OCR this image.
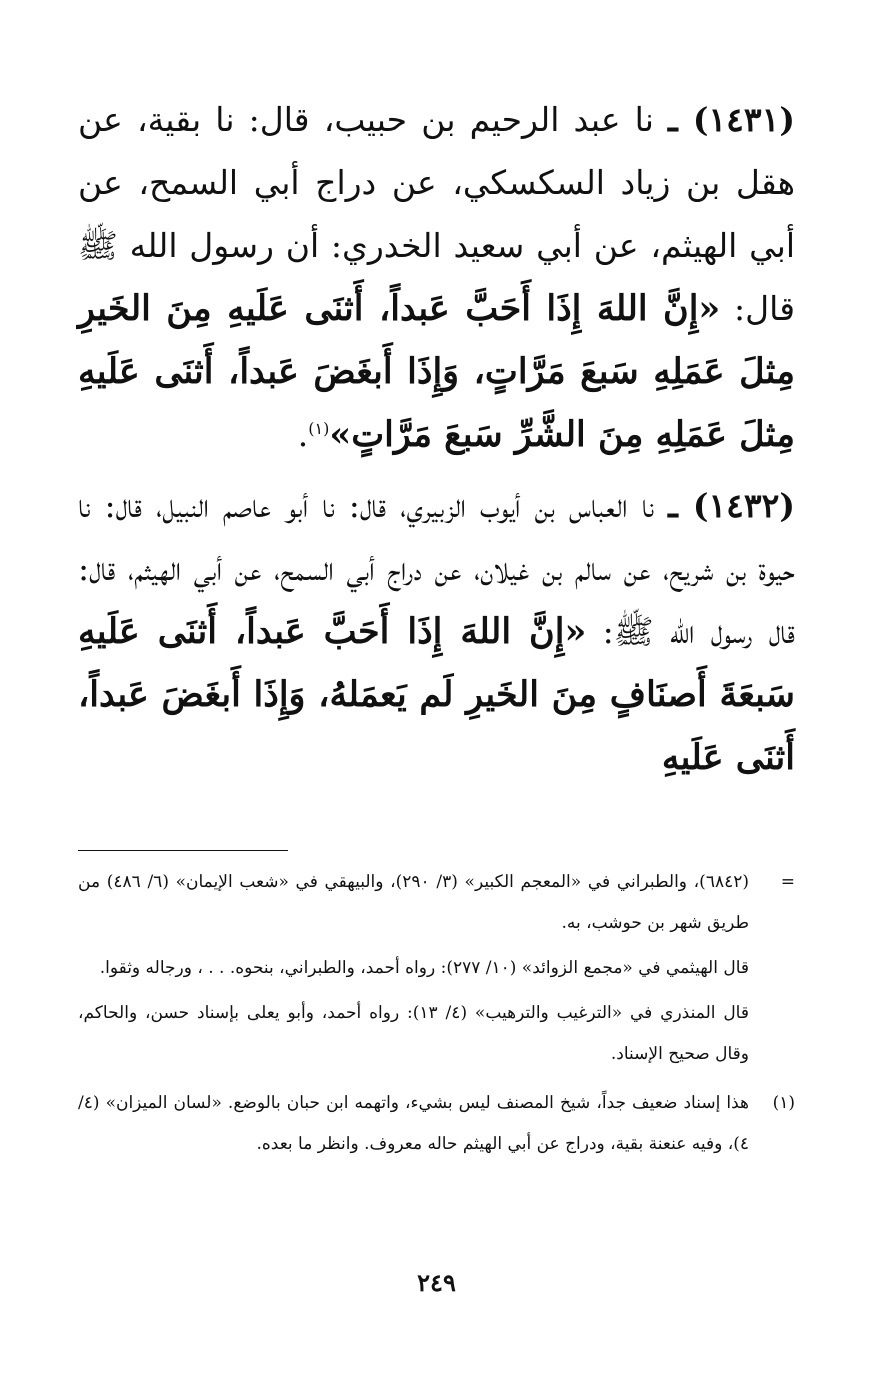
(١٤٣١) ـ نا عبد الرحيم بن حبيب، قال: نا بقية، عن هقل بن زياد السكسكي، عن دراج أبي السمح، عن أبي الهيثم، عن أبي سعيد الخدري: أن رسول الله ﷺ قال: «إِنَّ اللهَ إِذَا أَحَبَّ عَبداً، أَثنَى عَلَيهِ مِنَ الخَيرِ مِثلَ عَمَلِهِ سَبعَ مَرَّاتٍ، وَإِذَا أَبغَضَ عَبداً، أَثنَى عَلَيهِ مِثلَ عَمَلِهِ مِنَ الشَّرِّ سَبعَ مَرَّاتٍ»$^{(١)}$.

(١٤٣٢) ـ نا العباس بن أيوب الزبيري، قال: نا أبو عاصم النبيل، قال: نا حيوة بن شريح، عن سالم بن غيلان، عن دراج أبي السمح، عن أبي الهيثم، قال: قال رسول الله ﷺ: «إِنَّ اللهَ إِذَا أَحَبَّ عَبداً، أَثنَى عَلَيهِ سَبعَةَ أَصنَافٍ مِنَ الخَيرِ لَم يَعمَلهُ، وَإِذَا أَبغَضَ عَبداً، أَثنَى عَلَيهِ

=

(٦٨٤٢)، والطبراني في «المعجم الكبير» (٣/ ٢٩٠)، والبيهقي في «شعب الإيمان» (٦/ ٤٨٦) من طريق شهر بن حوشب، به.

قال الهيثمي في «مجمع الزوائد» (١٠/ ٢٧٧): رواه أحمد، والطبراني، بنحوه. . . ، ورجاله وثقوا.

قال المنذري في «الترغيب والترهيب» (٤/ ١٣): رواه أحمد، وأبو يعلى بإسناد حسن، والحاكم، وقال صحيح الإسناد.

(١)

هذا إسناد ضعيف جداً، شيخ المصنف ليس بشيء، واتهمه ابن حبان بالوضع. «لسان الميزان» (٤/ ٤)، وفيه عنعنة بقية، ودراج عن أبي الهيثم حاله معروف. وانظر ما بعده.

٢٤٩
